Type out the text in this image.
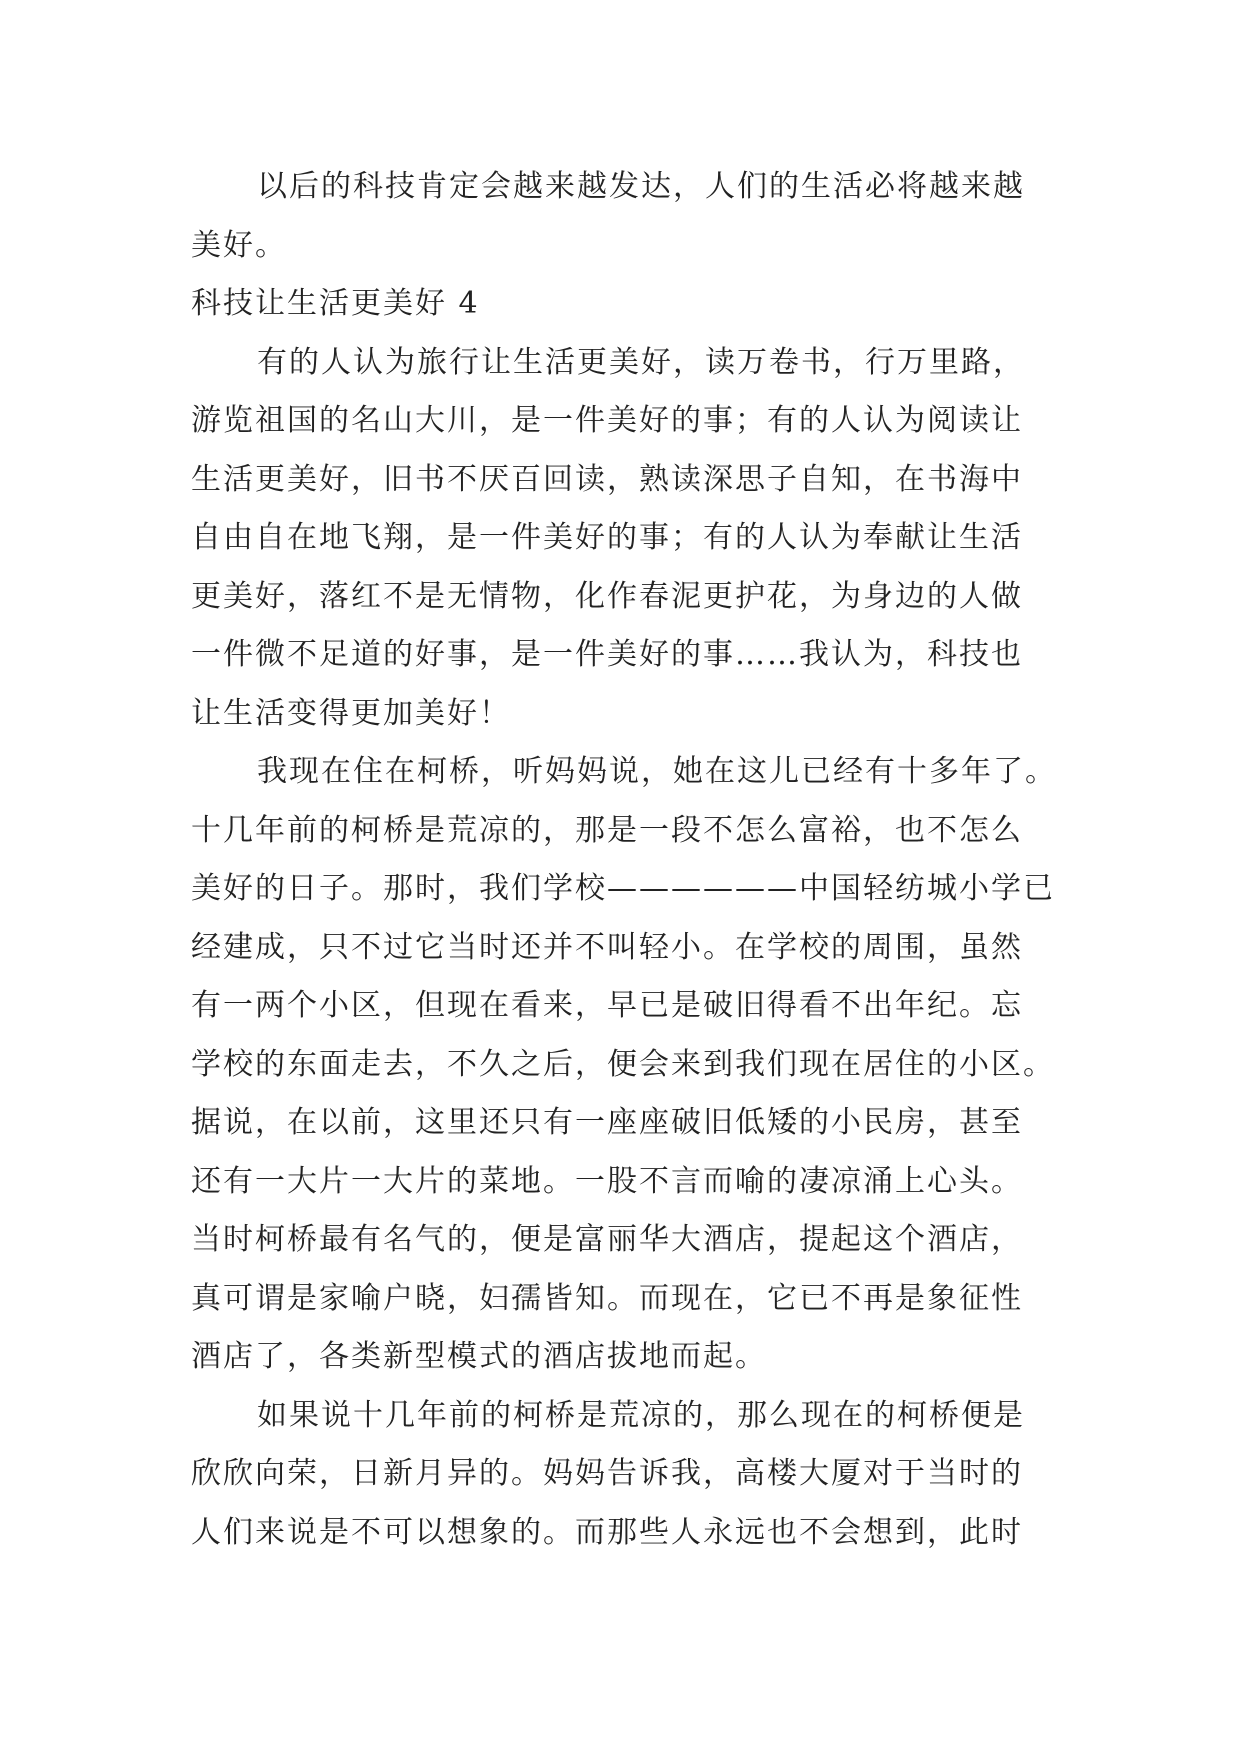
以后的科技肯定会越来越发达，人们的生活必将越来越
美好。
科技让生活更美好 4
有的人认为旅行让生活更美好，读万卷书，行万里路，
游览祖国的名山大川，是一件美好的事；有的人认为阅读让
生活更美好，旧书不厌百回读，熟读深思子自知，在书海中
自由自在地飞翔，是一件美好的事；有的人认为奉献让生活
更美好，落红不是无情物，化作春泥更护花，为身边的人做
一件微不足道的好事，是一件美好的事……我认为，科技也
让生活变得更加美好！
我现在住在柯桥，听妈妈说，她在这儿已经有十多年了。
十几年前的柯桥是荒凉的，那是一段不怎么富裕，也不怎么
美好的日子。那时，我们学校——————中国轻纺城小学已
经建成，只不过它当时还并不叫轻小。在学校的周围，虽然
有一两个小区，但现在看来，早已是破旧得看不出年纪。忘
学校的东面走去，不久之后，便会来到我们现在居住的小区。
据说，在以前，这里还只有一座座破旧低矮的小民房，甚至
还有一大片一大片的菜地。一股不言而喻的凄凉涌上心头。
当时柯桥最有名气的，便是富丽华大酒店，提起这个酒店，
真可谓是家喻户晓，妇孺皆知。而现在，它已不再是象征性
酒店了，各类新型模式的酒店拔地而起。
如果说十几年前的柯桥是荒凉的，那么现在的柯桥便是
欣欣向荣，日新月异的。妈妈告诉我，高楼大厦对于当时的
人们来说是不可以想象的。而那些人永远也不会想到，此时
